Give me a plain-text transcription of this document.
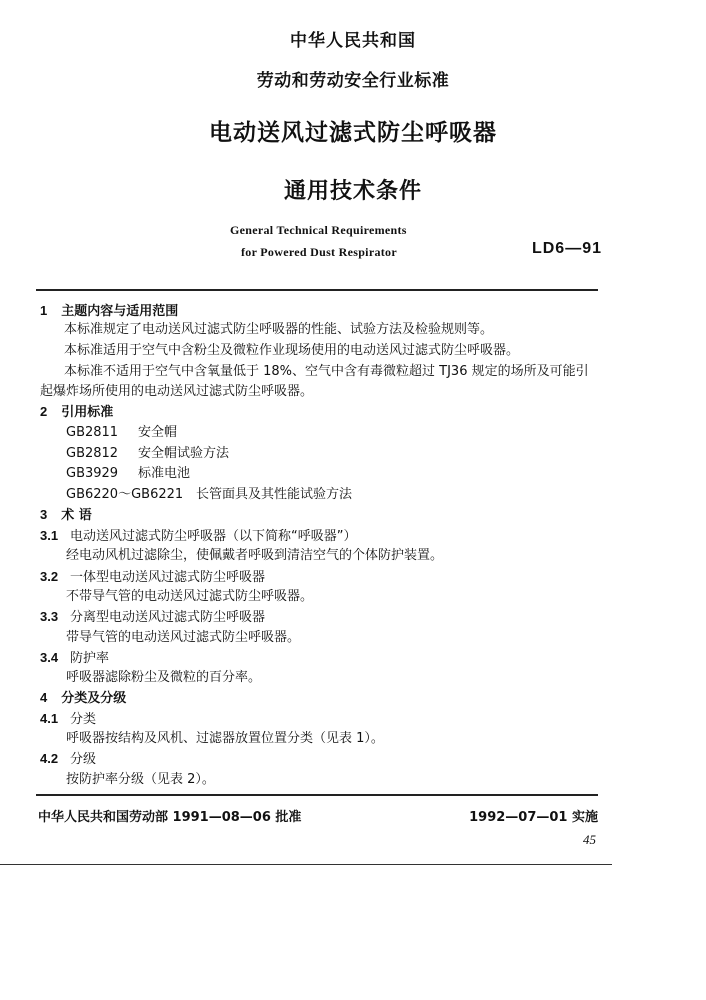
中华人民共和国
劳动和劳动安全行业标准
电动送风过滤式防尘呼吸器
通用技术条件
General Technical Requirements
for Powered Dust Respirator	LD6—91
1 主题内容与适用范围
本标准规定了电动送风过滤式防尘呼吸器的性能、试验方法及检验规则等。
本标准适用于空气中含粉尘及微粒作业现场使用的电动送风过滤式防尘呼吸器。
本标准不适用于空气中含氧量低于 18%、空气中含有毒微粒超过 TJ36 规定的场所及可能引
起爆炸场所使用的电动送风过滤式防尘呼吸器。
2 引用标准
GB2811 安全帽
GB2812 安全帽试验方法
GB3929 标准电池
GB6220～GB6221 长管面具及其性能试验方法
3 术 语
3.1 电动送风过滤式防尘呼吸器（以下简称“呼吸器”）
经电动风机过滤除尘，使佩戴者呼吸到清洁空气的个体防护装置。
3.2 一体型电动送风过滤式防尘呼吸器
不带导气管的电动送风过滤式防尘呼吸器。
3.3 分离型电动送风过滤式防尘呼吸器
带导气管的电动送风过滤式防尘呼吸器。
3.4 防护率
呼吸器滤除粉尘及微粒的百分率。
4 分类及分级
4.1 分类
呼吸器按结构及风机、过滤器放置位置分类（见表 1）。
4.2 分级
按防护率分级（见表 2）。
中华人民共和国劳动部 1991—08—06 批准	1992—07—01 实施
45
